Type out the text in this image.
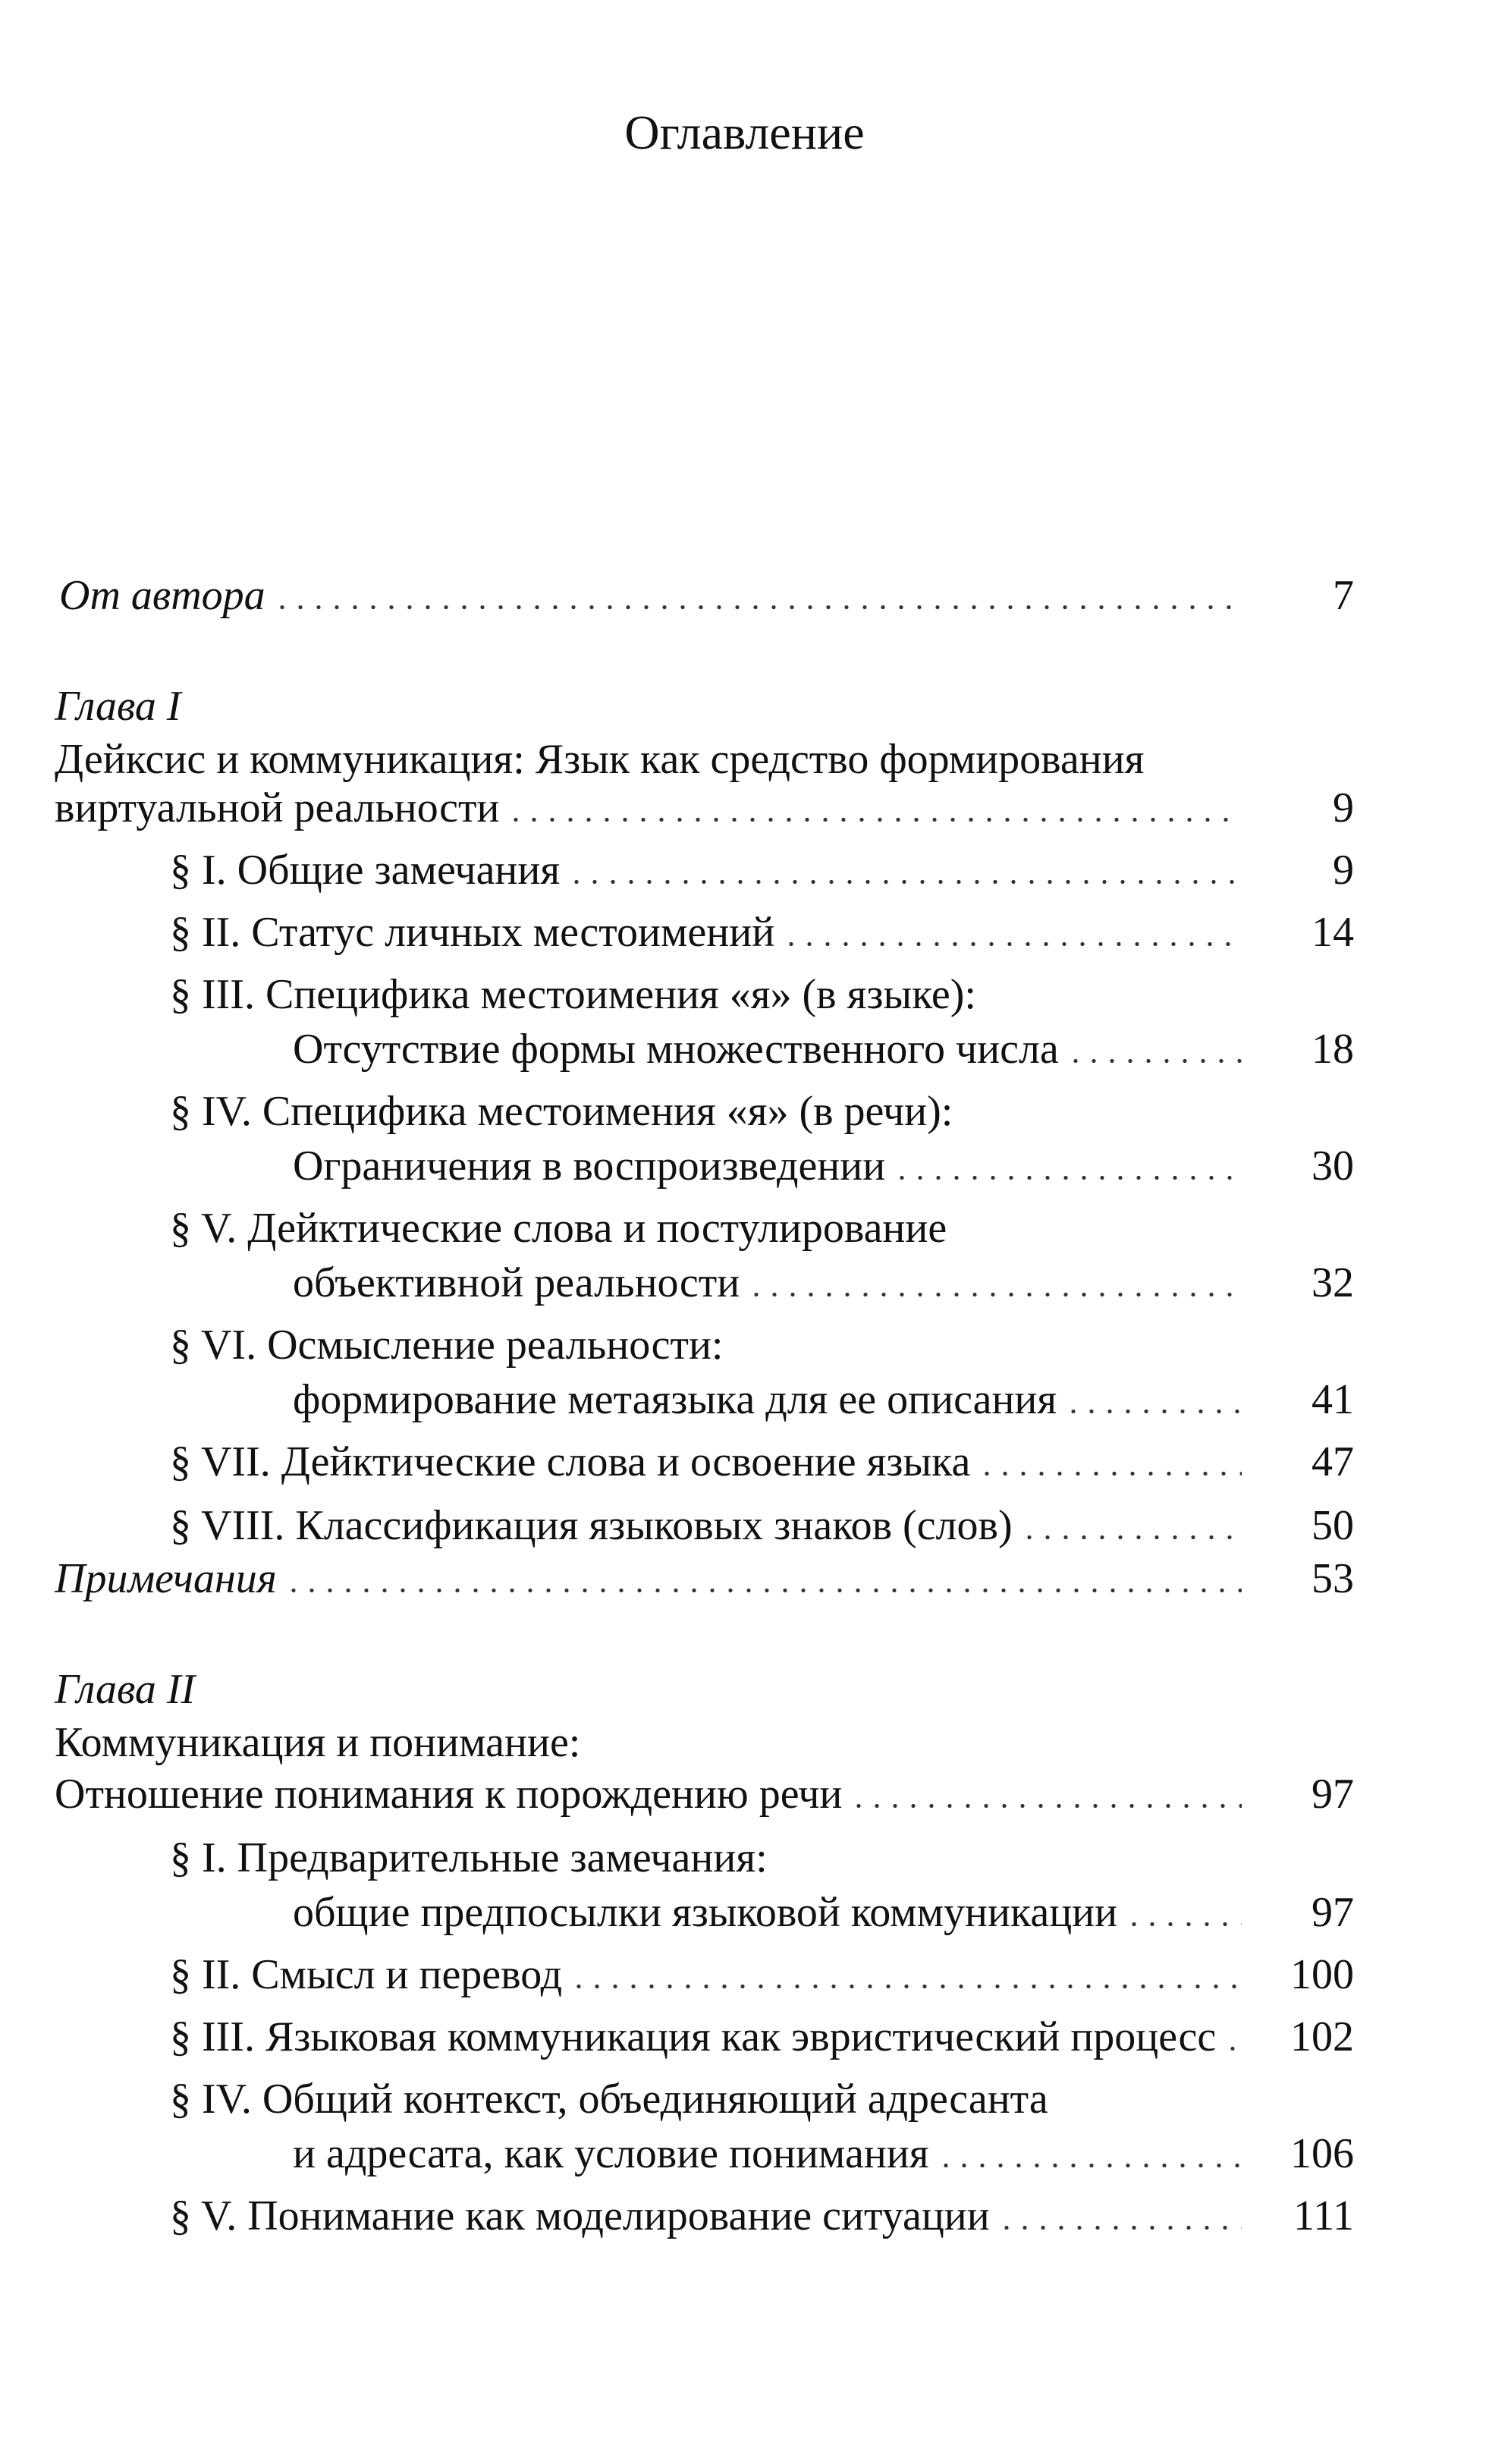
Оглавление
От автора	7
Глава I
Дейксис и коммуникация: Язык как средство формирования
виртуальной реальности	9
§ I. Общие замечания	9
§ II. Статус личных местоимений	14
§ III. Специфика местоимения «я» (в языке):
Отсутствие формы множественного числа	18
§ IV. Специфика местоимения «я» (в речи):
Ограничения в воспроизведении	30
§ V. Дейктические слова и постулирование
объективной реальности	32
§ VI. Осмысление реальности:
формирование метаязыка для ее описания	41
§ VII. Дейктические слова и освоение языка	47
§ VIII. Классификация языковых знаков (слов)	50
Примечания	53
Глава II
Коммуникация и понимание:
Отношение понимания к порождению речи	97
§ I. Предварительные замечания:
общие предпосылки языковой коммуникации	97
§ II. Смысл и перевод	100
§ III. Языковая коммуникация как эвристический процесс	102
§ IV. Общий контекст, объединяющий адресанта
и адресата, как условие понимания	106
§ V. Понимание как моделирование ситуации	111
